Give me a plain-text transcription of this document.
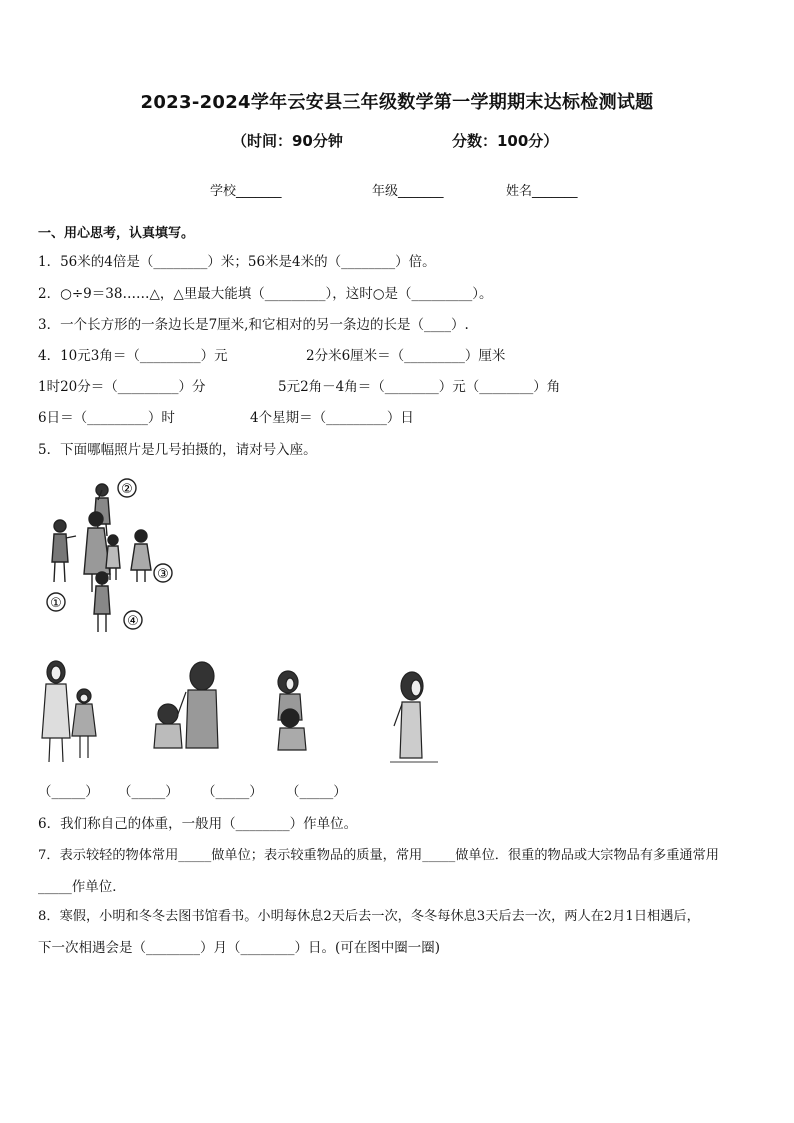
2023-2024学年云安县三年级数学第一学期期末达标检测试题
（时间：90分钟	分数：100分）
学校_______	年级_______	姓名_______
一、用心思考，认真填写。
1．56米的4倍是（________）米；56米是4米的（________）倍。
2．○÷9＝38……△，△里最大能填（_________），这时○是（_________）。
3．一个长方形的一条边长是7厘米,和它相对的另一条边的长是（____）.
4．10元3角＝（_________）元	2分米6厘米＝（_________）厘米
1时20分＝（_________）分	5元2角－4角＝（________）元（________）角
6日＝（_________）时	4个星期＝（_________）日
5．下面哪幅照片是几号拍摄的，请对号入座。
②
③
①
④
（_____） （_____） （_____） （_____）
6．我们称自己的体重，一般用（________）作单位。
7．表示较轻的物体常用_____做单位；表示较重物品的质量，常用_____做单位．很重的物品或大宗物品有多重通常用
_____作单位．
8．寒假，小明和冬冬去图书馆看书。小明每休息2天后去一次，冬冬每休息3天后去一次，两人在2月1日相遇后，
下一次相遇会是（________）月（________）日。(可在图中圈一圈)
